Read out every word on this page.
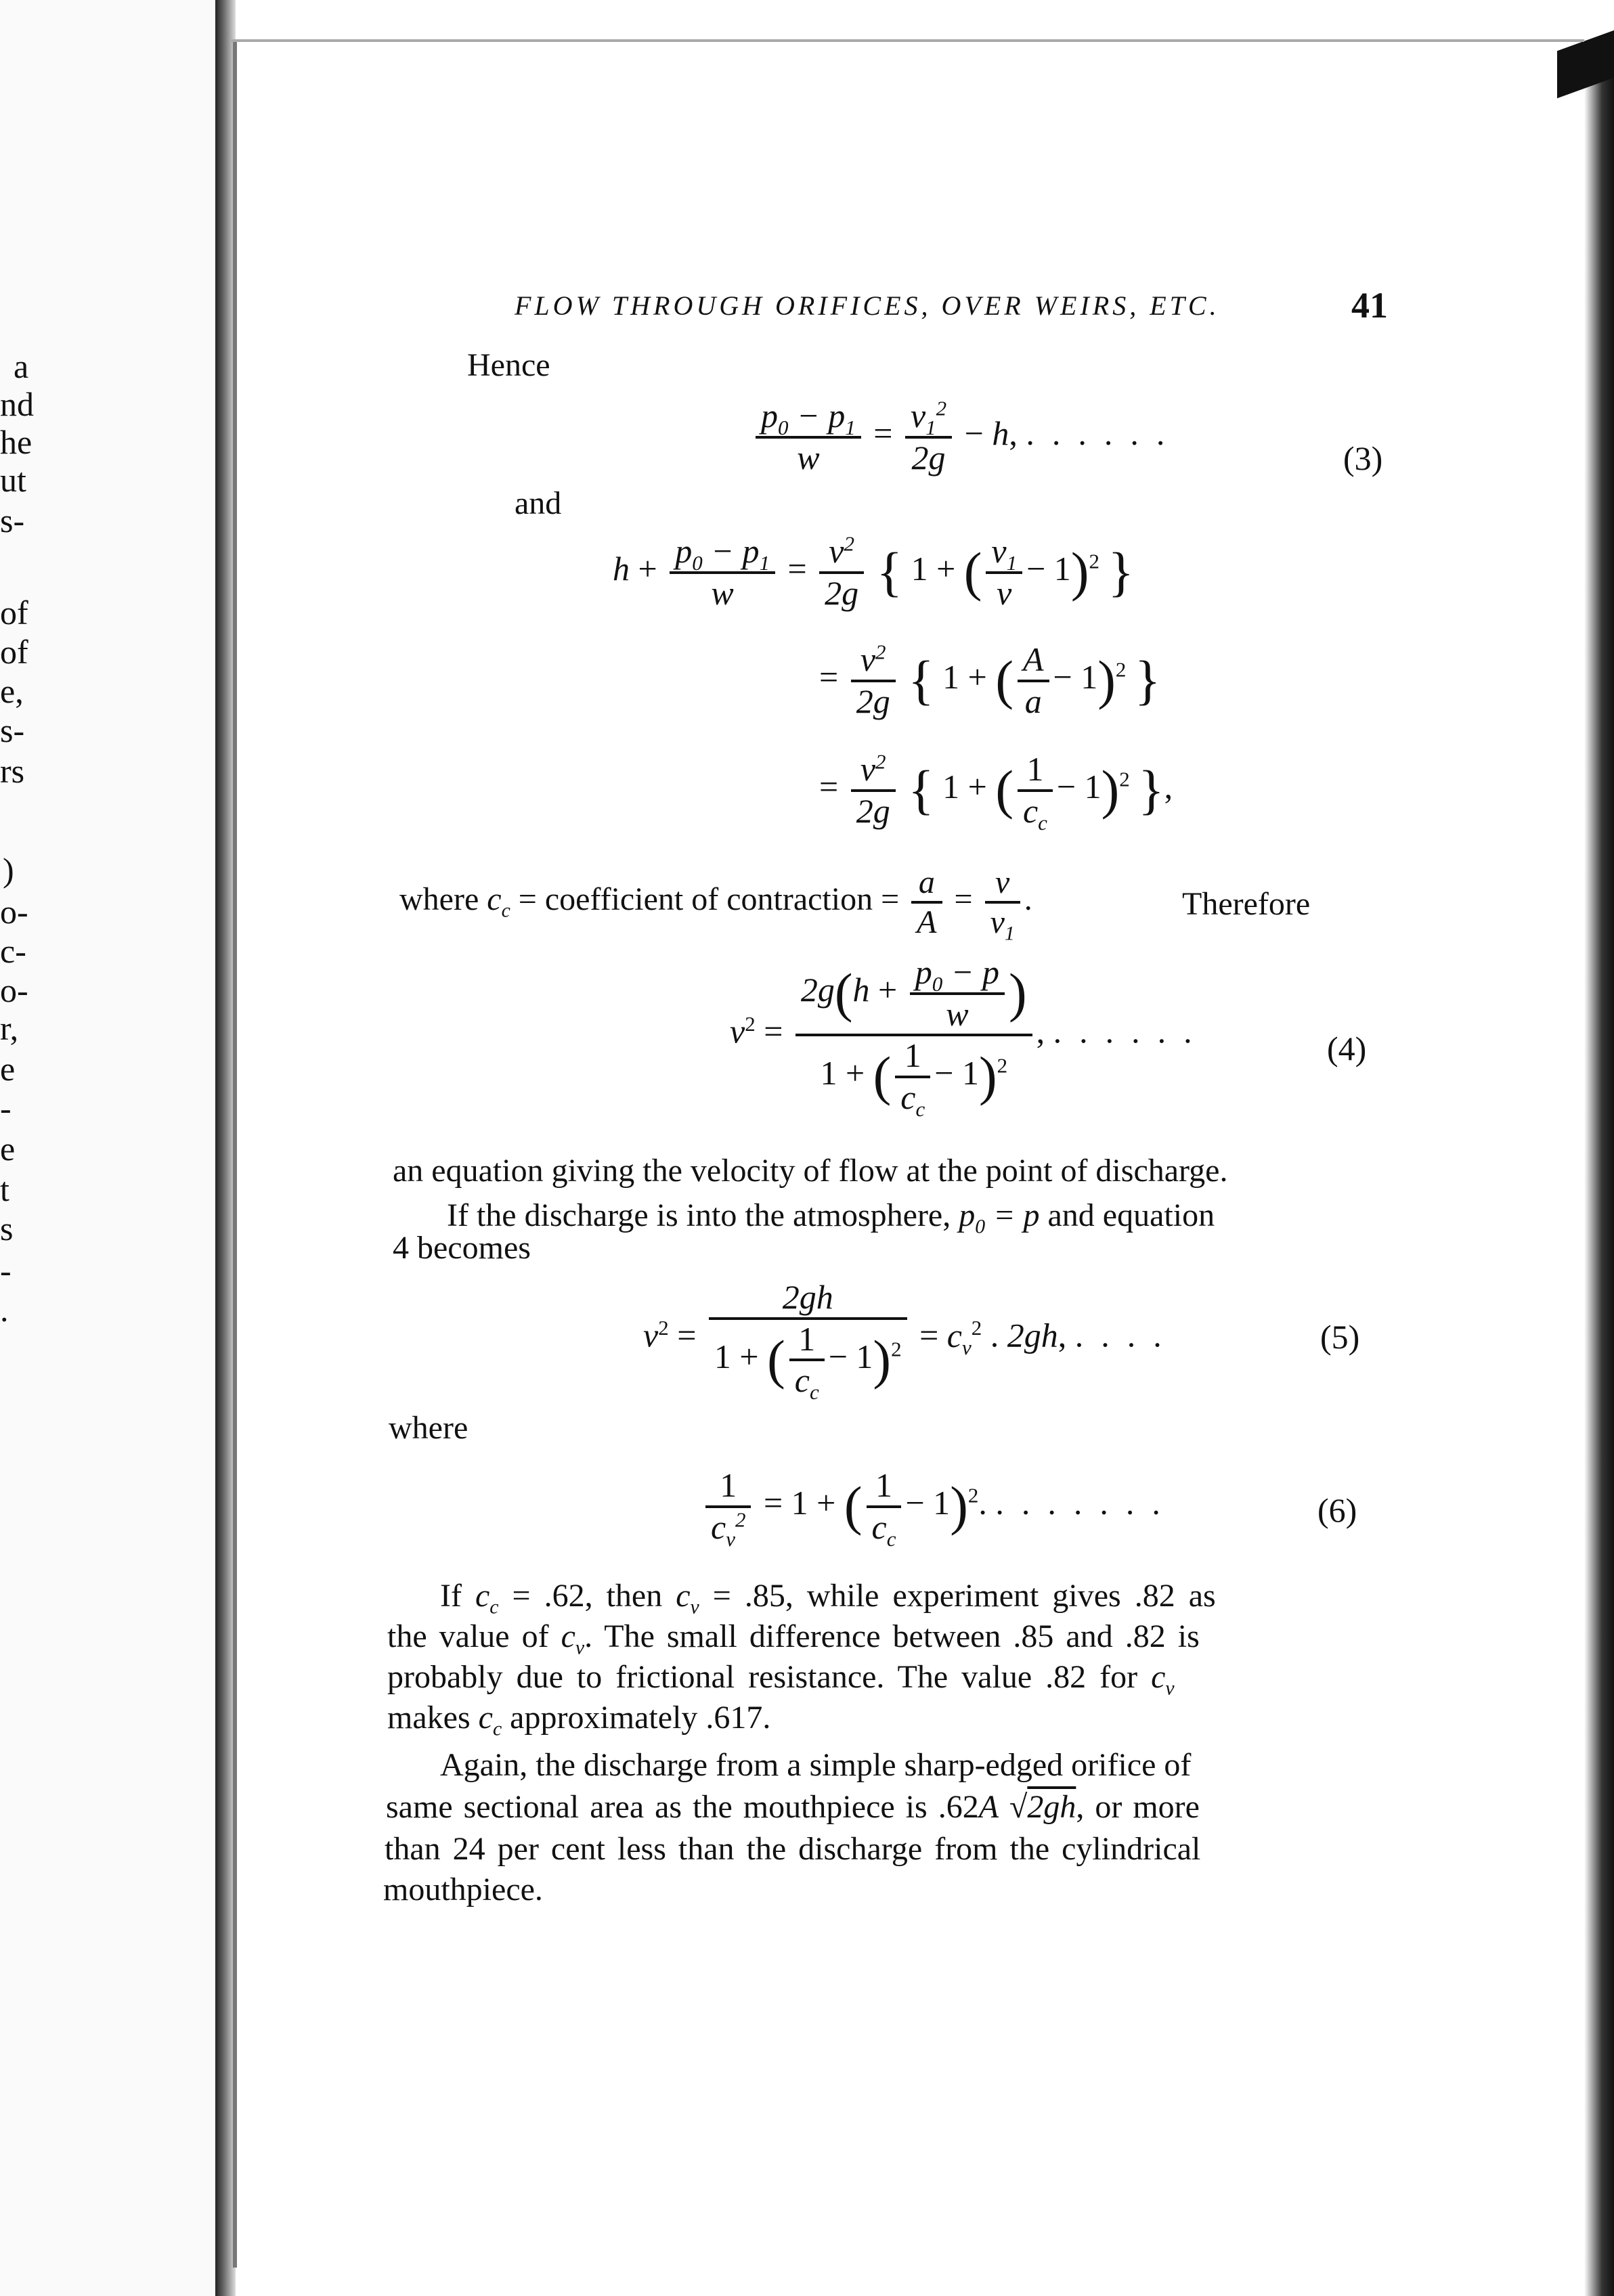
a
nd
he
ut
s-
of
of
e,
s-
rs
)
o-
c-
o-
r,
e
-
e
t
s
-
.
FLOW THROUGH ORIFICES, OVER WEIRS, ETC.	41
Hence
$\frac{p_0 - p_1}{w} = \frac{v_1^2}{2g} - h$, ......
(3)
and
$h + \frac{p_0 - p_1}{w} = \frac{v^2}{2g}$ { 1 + ( $\frac{v_1}{v} - 1)^2$ }
= $\frac{v^2}{2g}$ { 1 + ( $\frac{A}{a} - 1)^2$ }
= $\frac{v^2}{2g}$ { 1 + ( $\frac{1}{c_c} - 1)^2$ },
where $c_c$ = coefficient of contraction = $\frac{a}{A} = \frac{v}{v_1}$ .	Therefore
$v^2 = \frac{2g(h + \frac{p_0 - p}{w} )}{1 + ( \frac{1}{c_c} - 1)^2}$ , ......	(4)
an equation giving the velocity of flow at the point of discharge.
If the discharge is into the atmosphere, $p_0 = p$ and equation
4 becomes
$v^2 = \frac{2gh}{1 + ( \frac{1}{c_c} - 1)^2} = c_v^2$ . 2gh, ....	(5)
where
$\frac{1}{c_v^2} = 1$ + ( $\frac{1}{c_c} - 1)^2$. .......	(6)
If $c_c = .62$, then $c_v = .85$, while experiment gives .82 as
the value of $c_v$. The small difference between .85 and .82 is
probably due to frictional resistance. The value .82 for $c_v$
makes $c_c$ approximately .617.
Again, the discharge from a simple sharp-edged orifice of
same sectional area as the mouthpiece is .62A √2gh, or more
than 24 per cent less than the discharge from the cylindrical
mouthpiece.
